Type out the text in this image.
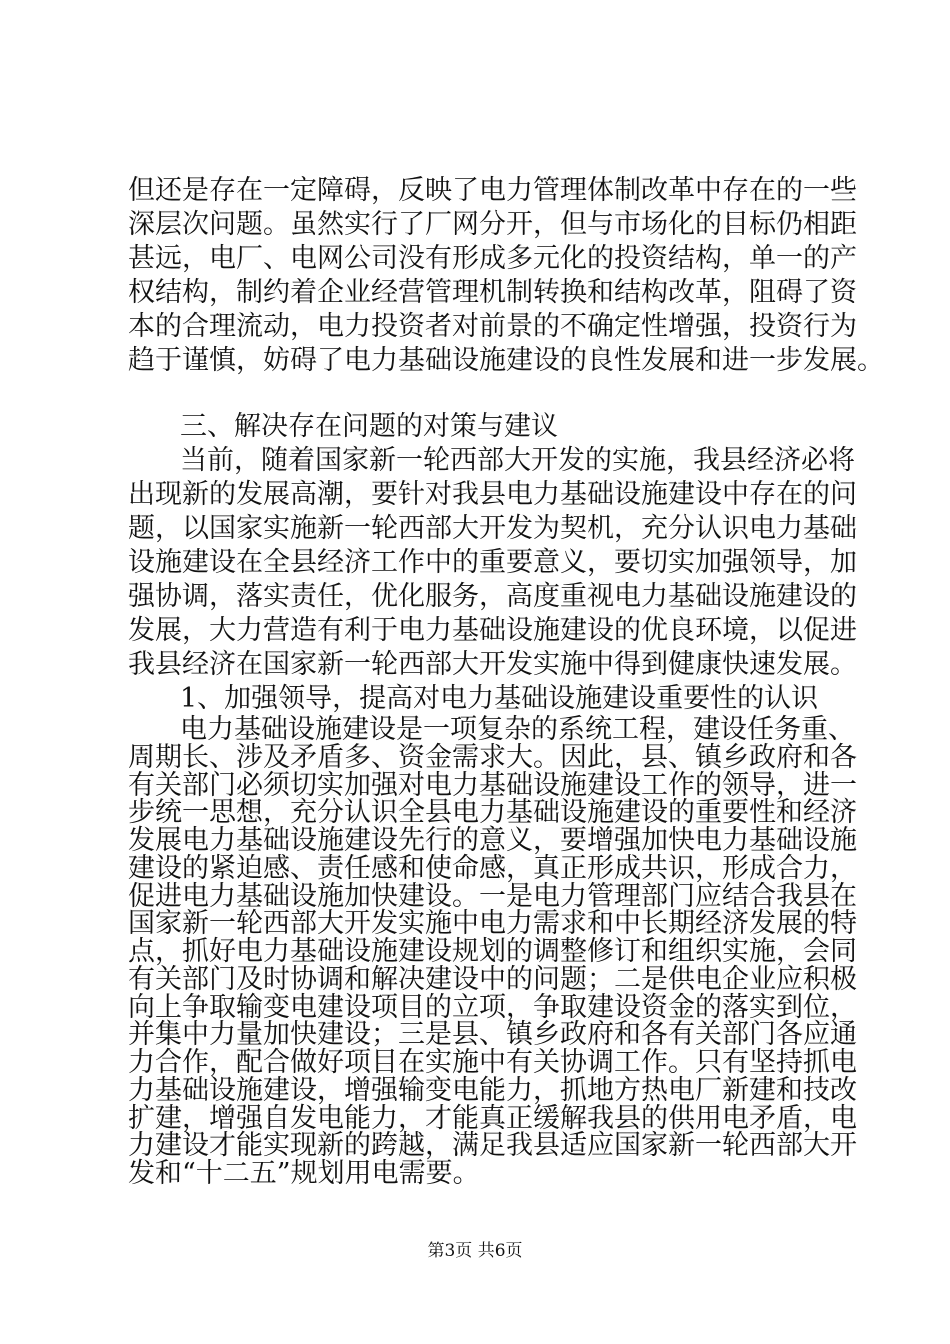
但还是存在一定障碍，反映了电力管理体制改革中存在的一些
深层次问题。虽然实行了厂网分开，但与市场化的目标仍相距
甚远，电厂、电网公司没有形成多元化的投资结构，单一的产
权结构，制约着企业经营管理机制转换和结构改革，阻碍了资
本的合理流动，电力投资者对前景的不确定性增强，投资行为
趋于谨慎，妨碍了电力基础设施建设的良性发展和进一步发展。
三、解决存在问题的对策与建议
当前，随着国家新一轮西部大开发的实施，我县经济必将
出现新的发展高潮，要针对我县电力基础设施建设中存在的问
题，以国家实施新一轮西部大开发为契机，充分认识电力基础
设施建设在全县经济工作中的重要意义，要切实加强领导，加
强协调，落实责任，优化服务，高度重视电力基础设施建设的
发展，大力营造有利于电力基础设施建设的优良环境，以促进
我县经济在国家新一轮西部大开发实施中得到健康快速发展。
1、加强领导，提高对电力基础设施建设重要性的认识
电力基础设施建设是一项复杂的系统工程，建设任务重、
周期长、涉及矛盾多、资金需求大。因此，县、镇乡政府和各
有关部门必须切实加强对电力基础设施建设工作的领导，进一
步统一思想，充分认识全县电力基础设施建设的重要性和经济
发展电力基础设施建设先行的意义，要增强加快电力基础设施
建设的紧迫感、责任感和使命感，真正形成共识，形成合力，
促进电力基础设施加快建设。一是电力管理部门应结合我县在
国家新一轮西部大开发实施中电力需求和中长期经济发展的特
点，抓好电力基础设施建设规划的调整修订和组织实施，会同
有关部门及时协调和解决建设中的问题；二是供电企业应积极
向上争取输变电建设项目的立项，争取建设资金的落实到位，
并集中力量加快建设；三是县、镇乡政府和各有关部门各应通
力合作，配合做好项目在实施中有关协调工作。只有坚持抓电
力基础设施建设，增强输变电能力，抓地方热电厂新建和技改
扩建，增强自发电能力，才能真正缓解我县的供用电矛盾，电
力建设才能实现新的跨越，满足我县适应国家新一轮西部大开
发和“十二五”规划用电需要。
第3页 共6页
